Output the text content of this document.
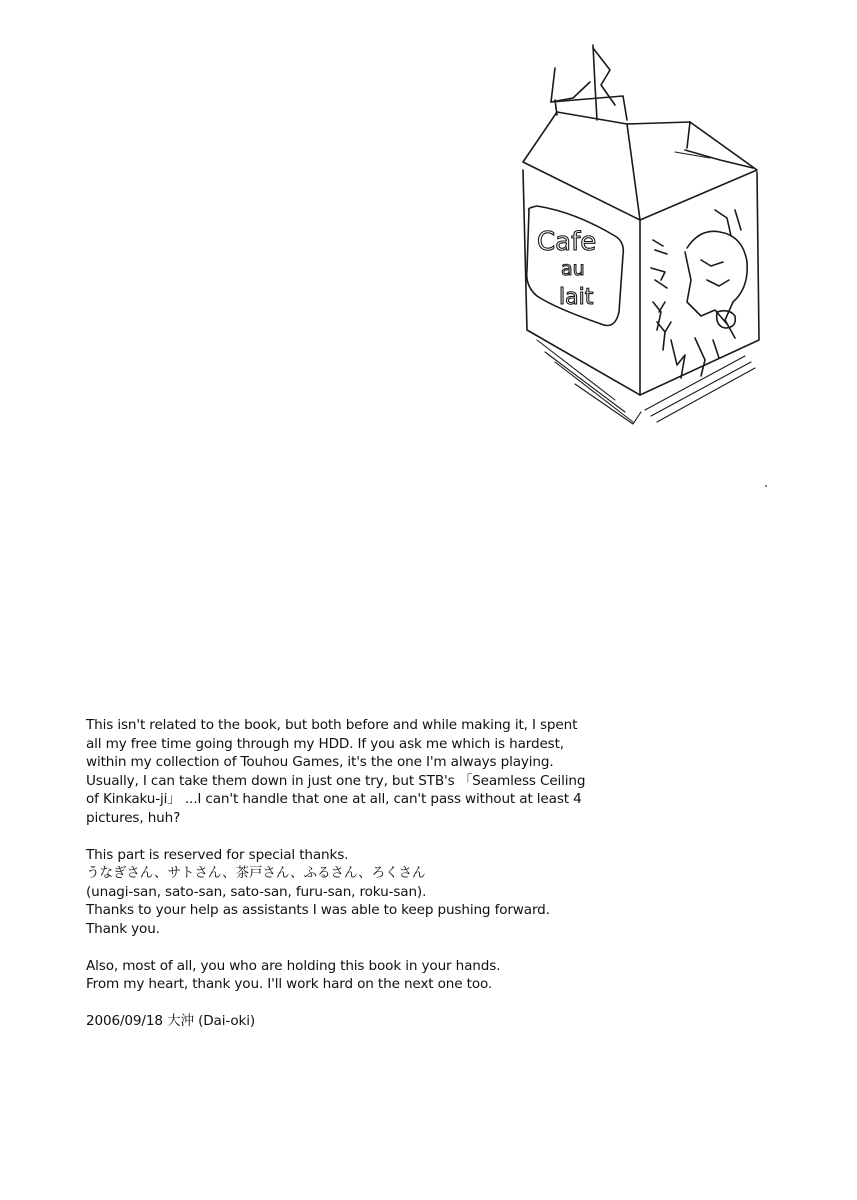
Cafe
au
lait

This isn't related to the book, but both before and while making it, I spent
all my free time going through my HDD. If you ask me which is hardest,
within my collection of Touhou Games, it's the one I'm always playing.
Usually, I can take them down in just one try, but STB's 「Seamless Ceiling
of Kinkaku-ji」 ...I can't handle that one at all, can't pass without at least 4
pictures, huh?

This part is reserved for special thanks.
うなぎさん、サトさん、茶戸さん、ふるさん、ろくさん
(unagi-san, sato-san, sato-san, furu-san, roku-san).
Thanks to your help as assistants I was able to keep pushing forward.
Thank you.

Also, most of all, you who are holding this book in your hands.
From my heart, thank you. I'll work hard on the next one too.

2006/09/18 大沖 (Dai-oki)
